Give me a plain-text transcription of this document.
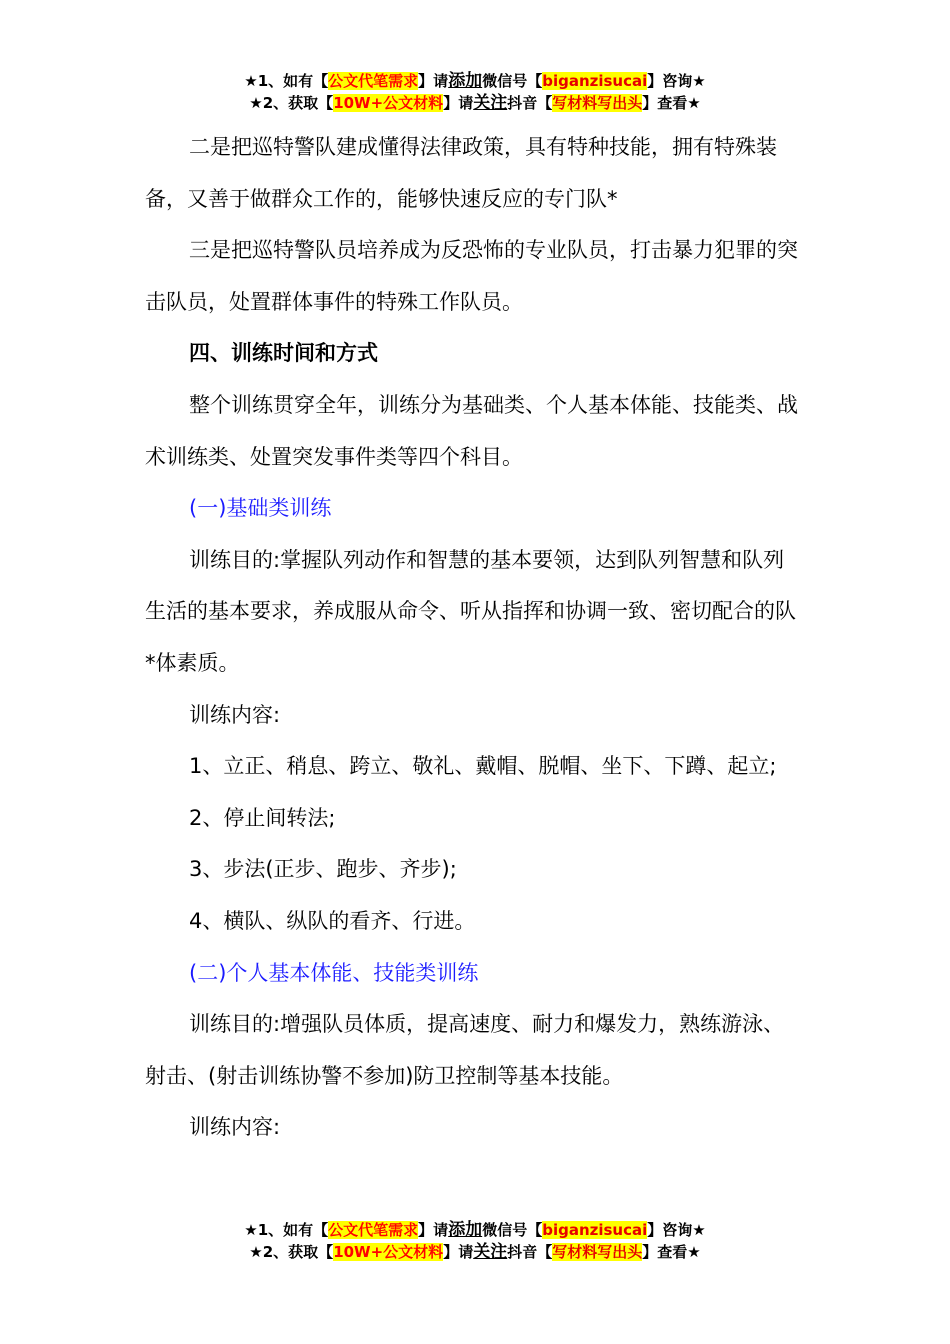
★1、如有【公文代笔需求】请添加微信号【biganzisucai】咨询★
★2、获取【10W+公文材料】请关注抖音【写材料写出头】查看★

二是把巡特警队建成懂得法律政策，具有特种技能，拥有特殊装备，又善于做群众工作的，能够快速反应的专门队*

三是把巡特警队员培养成为反恐怖的专业队员，打击暴力犯罪的突击队员，处置群体事件的特殊工作队员。

四、训练时间和方式

整个训练贯穿全年，训练分为基础类、个人基本体能、技能类、战术训练类、处置突发事件类等四个科目。

(一)基础类训练

训练目的:掌握队列动作和智慧的基本要领，达到队列智慧和队列生活的基本要求，养成服从命令、听从指挥和协调一致、密切配合的队*体素质。

训练内容:

1、立正、稍息、跨立、敬礼、戴帽、脱帽、坐下、下蹲、起立;

2、停止间转法;

3、步法(正步、跑步、齐步);

4、横队、纵队的看齐、行进。

(二)个人基本体能、技能类训练

训练目的:增强队员体质，提高速度、耐力和爆发力，熟练游泳、射击、(射击训练协警不参加)防卫控制等基本技能。

训练内容:

★1、如有【公文代笔需求】请添加微信号【biganzisucai】咨询★
★2、获取【10W+公文材料】请关注抖音【写材料写出头】查看★
